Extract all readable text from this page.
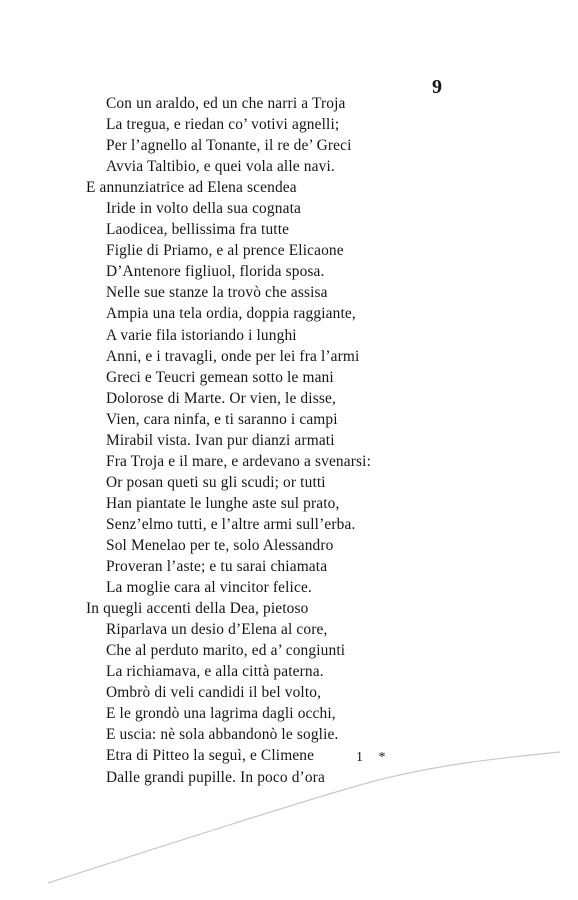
9
Con un araldo, ed un che narri a Troja
La tregua, e riedan co’ votivi agnelli;
Per l’agnello al Tonante, il re de’ Greci
Avvia Taltibio, e quei vola alle navi.
E annunziatrice ad Elena scendea
Iride in volto della sua cognata
Laodicea, bellissima fra tutte
Figlie di Priamo, e al prence Elicaone
D’Antenore figliuol, florida sposa.
Nelle sue stanze la trovò che assisa
Ampia una tela ordia, doppia raggiante,
A varie fila istoriando i lunghi
Anni, e i travagli, onde per lei fra l’armi
Greci e Teucri gemean sotto le mani
Dolorose di Marte. Or vien, le disse,
Vien, cara ninfa, e ti saranno i campi
Mirabil vista. Ivan pur dianzi armati
Fra Troja e il mare, e ardevano a svenarsi:
Or posan queti su gli scudi; or tutti
Han piantate le lunghe aste sul prato,
Senz’elmo tutti, e l’altre armi sull’erba.
Sol Menelao per te, solo Alessandro
Proveran l’aste; e tu sarai chiamata
La moglie cara al vincitor felice.
In quegli accenti della Dea, pietoso
Riparlava un desio d’Elena al core,
Che al perduto marito, ed a’ congiunti
La richiamava, e alla città paterna.
Ombrò di veli candidi il bel volto,
E le grondò una lagrima dagli occhi,
E uscia: nè sola abbandonò le soglie.
Etra di Pitteo la seguì, e Climene
Dalle grandi pupille. In poco d’ora
1 *
